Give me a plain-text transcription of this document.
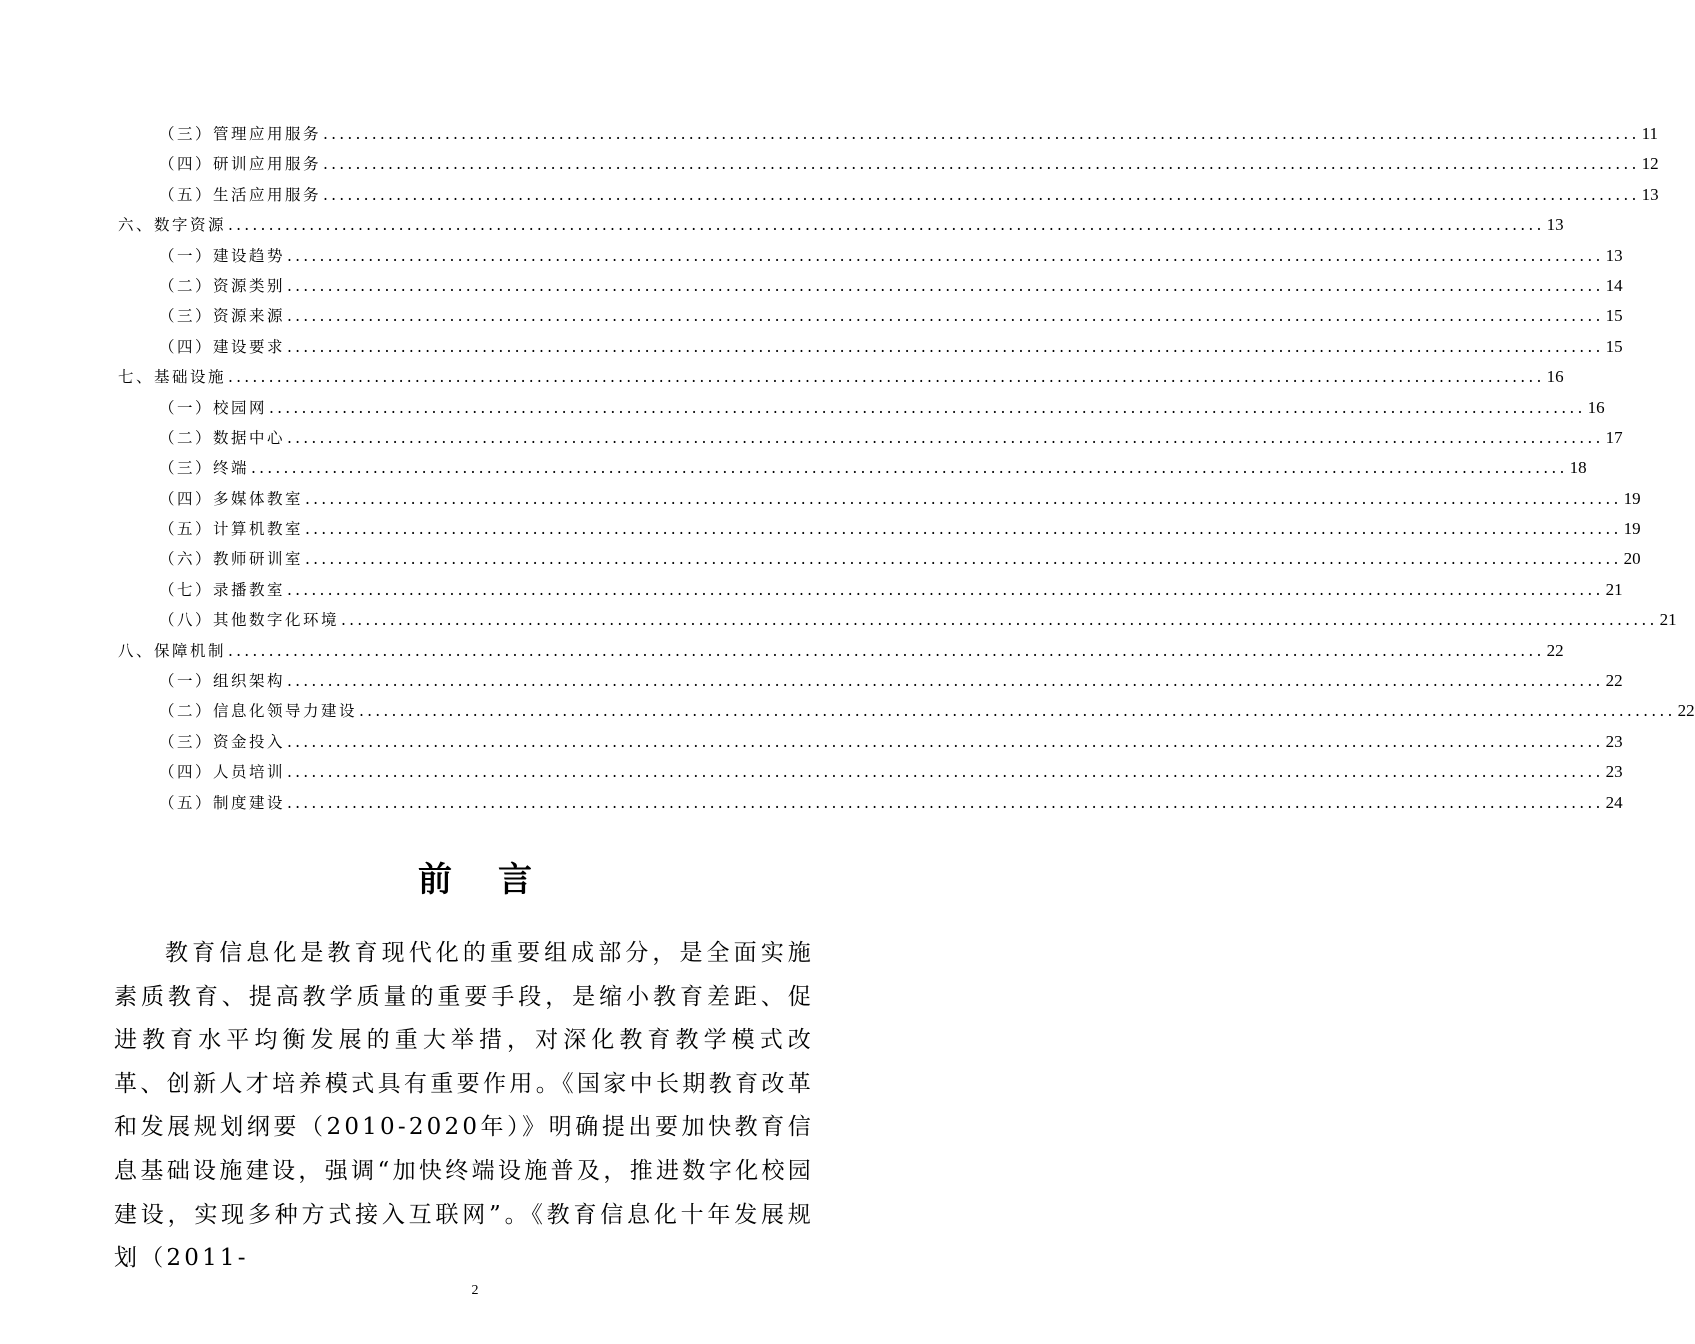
（三）管理应用服务 .................................................................................................................................................................. 11
（四）研训应用服务 .................................................................................................................................................................. 12
（五）生活应用服务 .................................................................................................................................................................. 13
六、数字资源 .................................................................................................................................................................. 13
（一）建设趋势 .................................................................................................................................................................. 13
（二）资源类别 .................................................................................................................................................................. 14
（三）资源来源 .................................................................................................................................................................. 15
（四）建设要求 .................................................................................................................................................................. 15
七、基础设施 .................................................................................................................................................................. 16
（一）校园网 .................................................................................................................................................................. 16
（二）数据中心 .................................................................................................................................................................. 17
（三）终端 .................................................................................................................................................................. 18
（四）多媒体教室 .................................................................................................................................................................. 19
（五）计算机教室 .................................................................................................................................................................. 19
（六）教师研训室 .................................................................................................................................................................. 20
（七）录播教室 .................................................................................................................................................................. 21
（八）其他数字化环境 .................................................................................................................................................................. 21
八、保障机制 .................................................................................................................................................................. 22
（一）组织架构 .................................................................................................................................................................. 22
（二）信息化领导力建设 .................................................................................................................................................................. 22
（三）资金投入 .................................................................................................................................................................. 23
（四）人员培训 .................................................................................................................................................................. 23
（五）制度建设 .................................................................................................................................................................. 24
前言
教育信息化是教育现代化的重要组成部分，是全面实施素质教育、提高教学质量的重要手段，是缩小教育差距、促进教育水平均衡发展的重大举措，对深化教育教学模式改革、创新人才培养模式具有重要作用。《国家中长期教育改革和发展规划纲要（2010-2020年）》明确提出要加快教育信息基础设施建设，强调“加快终端设施普及，推进数字化校园建设，实现多种方式接入互联网”。《教育信息化十年发展规划（2011-
2
